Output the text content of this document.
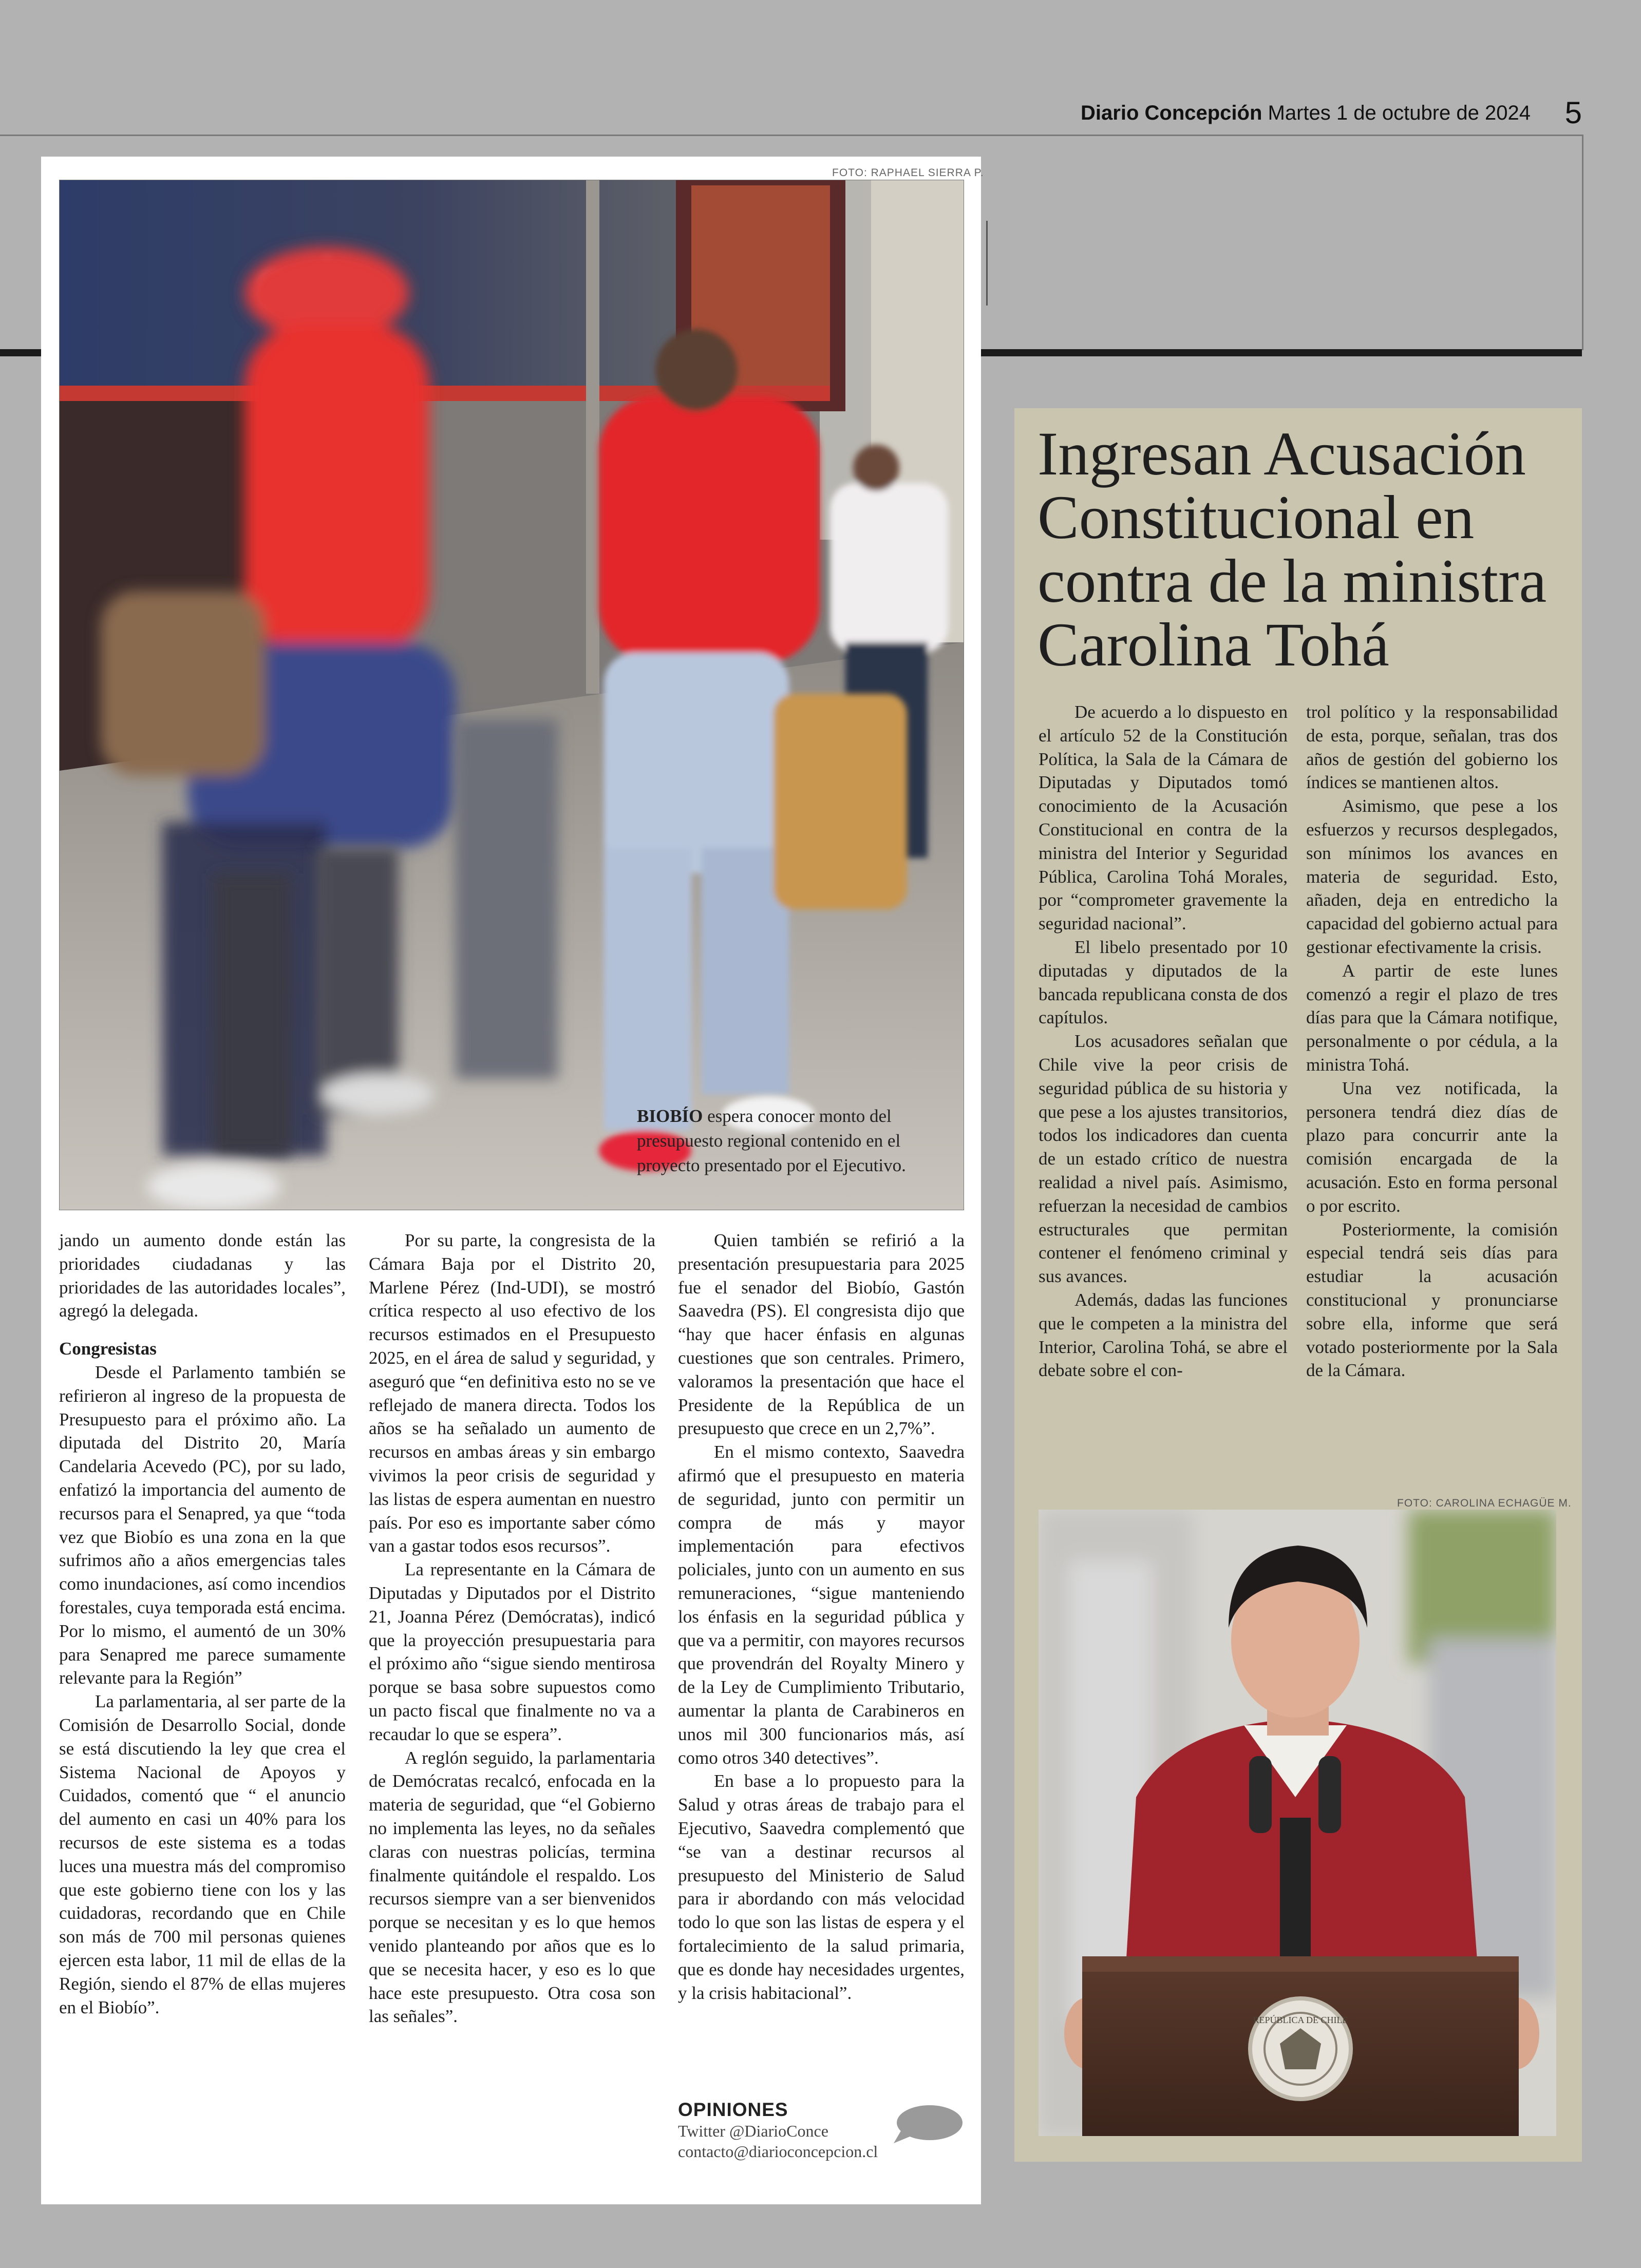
Diario Concepción Martes 1 de octubre de 2024 5
FOTO: RAPHAEL SIERRA P.
BIOBÍO espera conocer monto del presupuesto regional contenido en el proyecto presentado por el Ejecutivo.

jando un aumento donde están las prioridades ciudadanas y las prioridades de las autoridades locales”, agregó la delegada.

Congresistas

Desde el Parlamento también se refirieron al ingreso de la propuesta de Presupuesto para el próximo año. La diputada del Distrito 20, María Candelaria Acevedo (PC), por su lado, enfatizó la importancia del aumento de recursos para el Senapred, ya que “toda vez que Biobío es una zona en la que sufrimos año a años emergencias tales como inundaciones, así como incendios forestales, cuya temporada está encima. Por lo mismo, el aumentó de un 30% para Senapred me parece sumamente relevante para la Región”

La parlamentaria, al ser parte de la Comisión de Desarrollo Social, donde se está discutiendo la ley que crea el Sistema Nacional de Apoyos y Cuidados, comentó que “ el anuncio del aumento en casi un 40% para los recursos de este sistema es a todas luces una muestra más del compromiso que este gobierno tiene con los y las cuidadoras, recordando que en Chile son más de 700 mil personas quienes ejercen esta labor, 11 mil de ellas de la Región, siendo el 87% de ellas mujeres en el Biobío”.

Por su parte, la congresista de la Cámara Baja por el Distrito 20, Marlene Pérez (Ind-UDI), se mostró crítica respecto al uso efectivo de los recursos estimados en el Presupuesto 2025, en el área de salud y seguridad, y aseguró que “en definitiva esto no se ve reflejado de manera directa. Todos los años se ha señalado un aumento de recursos en ambas áreas y sin embargo vivimos la peor crisis de seguridad y las listas de espera aumentan en nuestro país. Por eso es importante saber cómo van a gastar todos esos recursos”.

La representante en la Cámara de Diputadas y Diputados por el Distrito 21, Joanna Pérez (Demócratas), indicó que la proyección presupuestaria para el próximo año “sigue siendo mentirosa porque se basa sobre supuestos como un pacto fiscal que finalmente no va a recaudar lo que se espera”.

A reglón seguido, la parlamentaria de Demócratas recalcó, enfocada en la materia de seguridad, que “el Gobierno no implementa las leyes, no da señales claras con nuestras policías, termina finalmente quitándole el respaldo. Los recursos siempre van a ser bienvenidos porque se necesitan y es lo que hemos venido planteando por años que es lo que se necesita hacer, y eso es lo que hace este presupuesto. Otra cosa son las señales”.

Quien también se refirió a la presentación presupuestaria para 2025 fue el senador del Biobío, Gastón Saavedra (PS). El congresista dijo que “hay que hacer énfasis en algunas cuestiones que son centrales. Primero, valoramos la presentación que hace el Presidente de la República de un presupuesto que crece en un 2,7%”.

En el mismo contexto, Saavedra afirmó que el presupuesto en materia de seguridad, junto con permitir un compra de más y mayor implementación para efectivos policiales, junto con un aumento en sus remuneraciones, “sigue manteniendo los énfasis en la seguridad pública y que va a permitir, con mayores recursos que provendrán del Royalty Minero y de la Ley de Cumplimiento Tributario, aumentar la planta de Carabineros en unos mil 300 funcionarios más, así como otros 340 detectives”.

En base a lo propuesto para la Salud y otras áreas de trabajo para el Ejecutivo, Saavedra complementó que “se van a destinar recursos al presupuesto del Ministerio de Salud para ir abordando con más velocidad todo lo que son las listas de espera y el fortalecimiento de la salud primaria, que es donde hay necesidades urgentes, y la crisis habitacional”.

OPINIONES
Twitter @DiarioConce
contacto@diarioconcepcion.cl
Ingresan Acusación Constitucional en contra de la ministra Carolina Tohá

De acuerdo a lo dispuesto en el artículo 52 de la Constitución Política, la Sala de la Cámara de Diputadas y Diputados tomó conocimiento de la Acusación Constitucional en contra de la ministra del Interior y Seguridad Pública, Carolina Tohá Morales, por “comprometer gravemente la seguridad nacional”.

El libelo presentado por 10 diputadas y diputados de la bancada republicana consta de dos capítulos.

Los acusadores señalan que Chile vive la peor crisis de seguridad pública de su historia y que pese a los ajustes transitorios, todos los indicadores dan cuenta de un estado crítico de nuestra realidad a nivel país. Asimismo, refuerzan la necesidad de cambios estructurales que permitan contener el fenómeno criminal y sus avances.

Además, dadas las funciones que le competen a la ministra del Interior, Carolina Tohá, se abre el debate sobre el con-

trol político y la responsabilidad de esta, porque, señalan, tras dos años de gestión del gobierno los índices se mantienen altos.

Asimismo, que pese a los esfuerzos y recursos desplegados, son mínimos los avances en materia de seguridad. Esto, añaden, deja en entredicho la capacidad del gobierno actual para gestionar efectivamente la crisis.

A partir de este lunes comenzó a regir el plazo de tres días para que la Cámara notifique, personalmente o por cédula, a la ministra Tohá.

Una vez notificada, la personera tendrá diez días de plazo para concurrir ante la comisión encargada de la acusación. Esto en forma personal o por escrito.

Posteriormente, la comisión especial tendrá seis días para estudiar la acusación constitucional y pronunciarse sobre ella, informe que será votado posteriormente por la Sala de la Cámara.

FOTO: CAROLINA ECHAGÜE M.
REPÚBLICA DE CHILE
